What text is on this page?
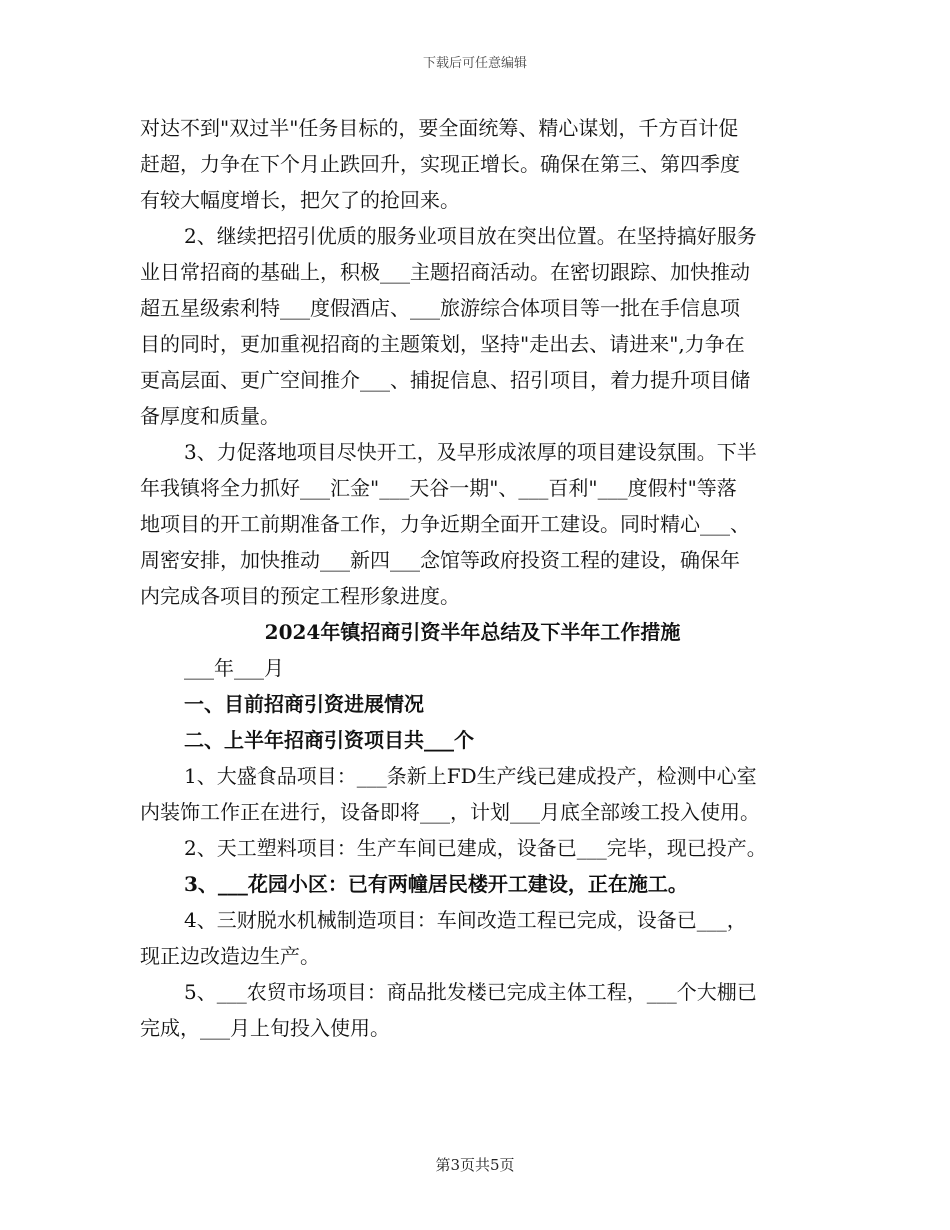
下载后可任意编辑
对达不到"双过半"任务目标的，要全面统筹、精心谋划，千方百计促
赶超，力争在下个月止跌回升，实现正增长。确保在第三、第四季度
有较大幅度增长，把欠了的抢回来。
2、继续把招引优质的服务业项目放在突出位置。在坚持搞好服务
业日常招商的基础上，积极___主题招商活动。在密切跟踪、加快推动
超五星级索利特___度假酒店、___旅游综合体项目等一批在手信息项
目的同时，更加重视招商的主题策划，坚持"走出去、请进来",力争在
更高层面、更广空间推介___、捕捉信息、招引项目，着力提升项目储
备厚度和质量。
3、力促落地项目尽快开工，及早形成浓厚的项目建设氛围。下半
年我镇将全力抓好___汇金"___天谷一期"、___百利"___度假村"等落
地项目的开工前期准备工作，力争近期全面开工建设。同时精心___、
周密安排，加快推动___新四___念馆等政府投资工程的建设，确保年
内完成各项目的预定工程形象进度。
2024年镇招商引资半年总结及下半年工作措施
___年___月
一、目前招商引资进展情况
二、上半年招商引资项目共___个
1、大盛食品项目：___条新上FD生产线已建成投产，检测中心室
内装饰工作正在进行，设备即将___，计划___月底全部竣工投入使用。
2、天工塑料项目：生产车间已建成，设备已___完毕，现已投产。
3、___花园小区：已有两幢居民楼开工建设，正在施工。
4、三财脱水机械制造项目：车间改造工程已完成，设备已___，
现正边改造边生产。
5、___农贸市场项目：商品批发楼已完成主体工程，___个大棚已
完成，___月上旬投入使用。
第3页共5页
